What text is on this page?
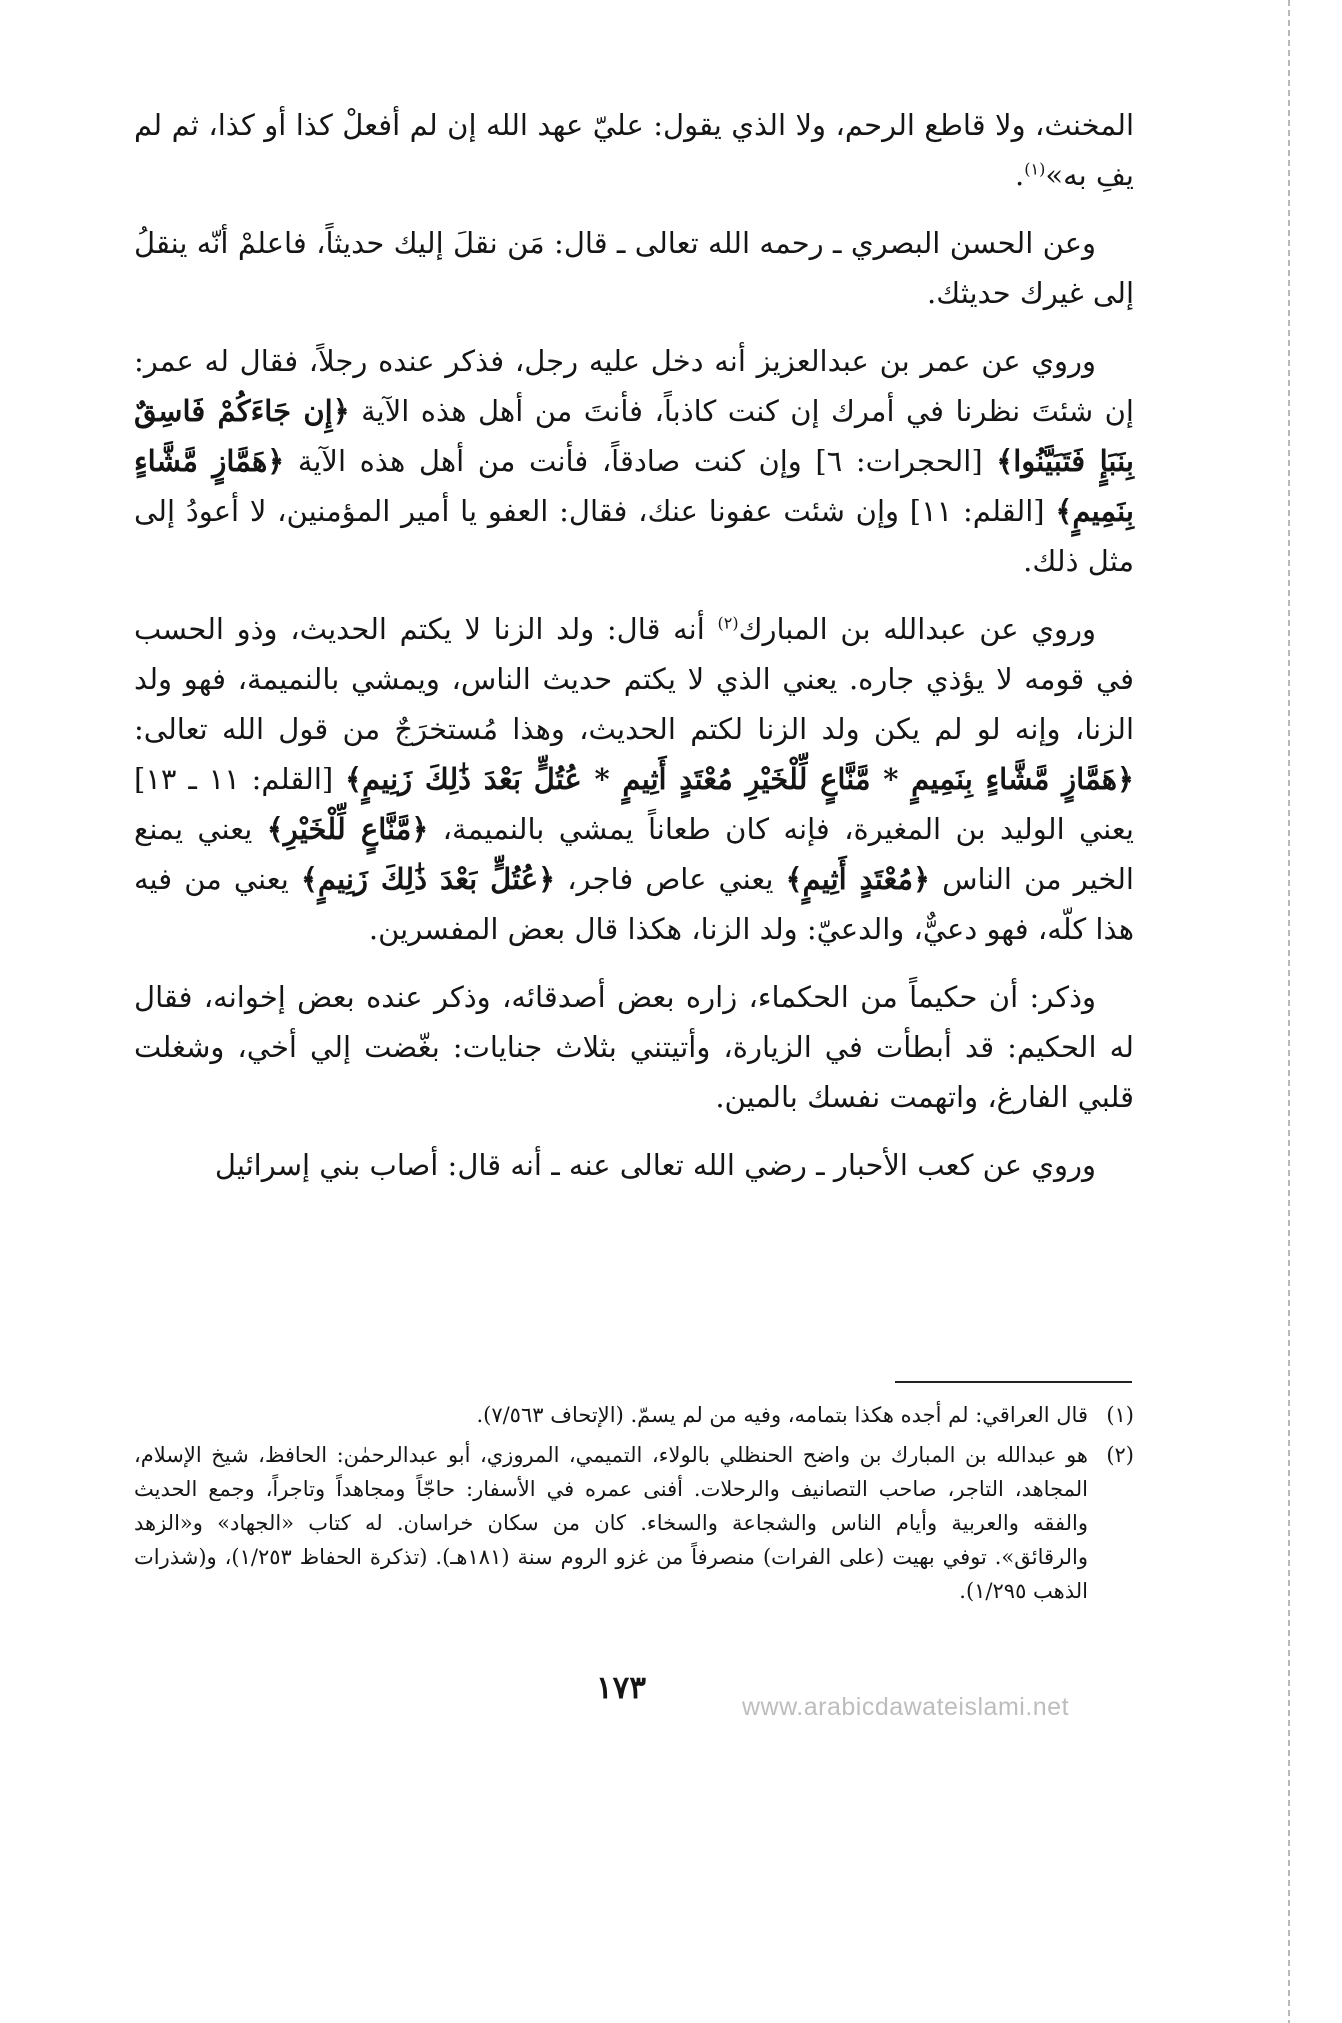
المخنث، ولا قاطع الرحم، ولا الذي يقول: عليّ عهد الله إن لم أفعلْ كذا أو كذا، ثم لم يفِ به»$^{(١)}$.

وعن الحسن البصري ـ رحمه الله تعالى ـ قال: مَن نقلَ إليك حديثاً، فاعلمْ أنّه ينقلُ إلى غيرك حديثك.

وروي عن عمر بن عبدالعزيز أنه دخل عليه رجل، فذكر عنده رجلاً، فقال له عمر: إن شئتَ نظرنا في أمرك إن كنت كاذباً، فأنتَ من أهل هذه الآية ﴿إِن جَاءَكُمْ فَاسِقٌ بِنَبَإٍ فَتَبَيَّنُوا﴾ [الحجرات: ٦] وإن كنت صادقاً، فأنت من أهل هذه الآية ﴿هَمَّازٍ مَّشَّاءٍ بِنَمِيمٍ﴾ [القلم: ١١] وإن شئت عفونا عنك، فقال: العفو يا أمير المؤمنين، لا أعودُ إلى مثل ذلك.

وروي عن عبدالله بن المبارك$^{(٢)}$ أنه قال: ولد الزنا لا يكتم الحديث، وذو الحسب في قومه لا يؤذي جاره. يعني الذي لا يكتم حديث الناس، ويمشي بالنميمة، فهو ولد الزنا، وإنه لو لم يكن ولد الزنا لكتم الحديث، وهذا مُستخرَجٌ من قول الله تعالى: ﴿هَمَّازٍ مَّشَّاءٍ بِنَمِيمٍ * مَّنَّاعٍ لِّلْخَيْرِ مُعْتَدٍ أَثِيمٍ * عُتُلٍّ بَعْدَ ذَٰلِكَ زَنِيمٍ﴾ [القلم: ١١ ـ ١٣] يعني الوليد بن المغيرة، فإنه كان طعاناً يمشي بالنميمة، ﴿مَّنَّاعٍ لِّلْخَيْرِ﴾ يعني يمنع الخير من الناس ﴿مُعْتَدٍ أَثِيمٍ﴾ يعني عاص فاجر، ﴿عُتُلٍّ بَعْدَ ذَٰلِكَ زَنِيمٍ﴾ يعني من فيه هذا كلّه، فهو دعيٌّ، والدعيّ: ولد الزنا، هكذا قال بعض المفسرين.

وذكر: أن حكيماً من الحكماء، زاره بعض أصدقائه، وذكر عنده بعض إخوانه، فقال له الحكيم: قد أبطأت في الزيارة، وأتيتني بثلاث جنايات: بغّضت إلي أخي، وشغلت قلبي الفارغ، واتهمت نفسك بالمين.

وروي عن كعب الأحبار ـ رضي الله تعالى عنه ـ أنه قال: أصاب بني إسرائيل

(١)
قال العراقي: لم أجده هكذا بتمامه، وفيه من لم يسمّ. (الإتحاف ٧/٥٦٣).
(٢)
هو عبدالله بن المبارك بن واضح الحنظلي بالولاء، التميمي، المروزي، أبو عبدالرحمٰن: الحافظ، شيخ الإسلام، المجاهد، التاجر، صاحب التصانيف والرحلات. أفنى عمره في الأسفار: حاجّاً ومجاهداً وتاجراً، وجمع الحديث والفقه والعربية وأيام الناس والشجاعة والسخاء. كان من سكان خراسان. له كتاب «الجهاد» و«الزهد والرقائق». توفي بهيت (على الفرات) منصرفاً من غزو الروم سنة (١٨١هـ). (تذكرة الحفاظ ١/٢٥٣)، و(شذرات الذهب ١/٢٩٥).
١٧٣
www.arabicdawateislami.net
